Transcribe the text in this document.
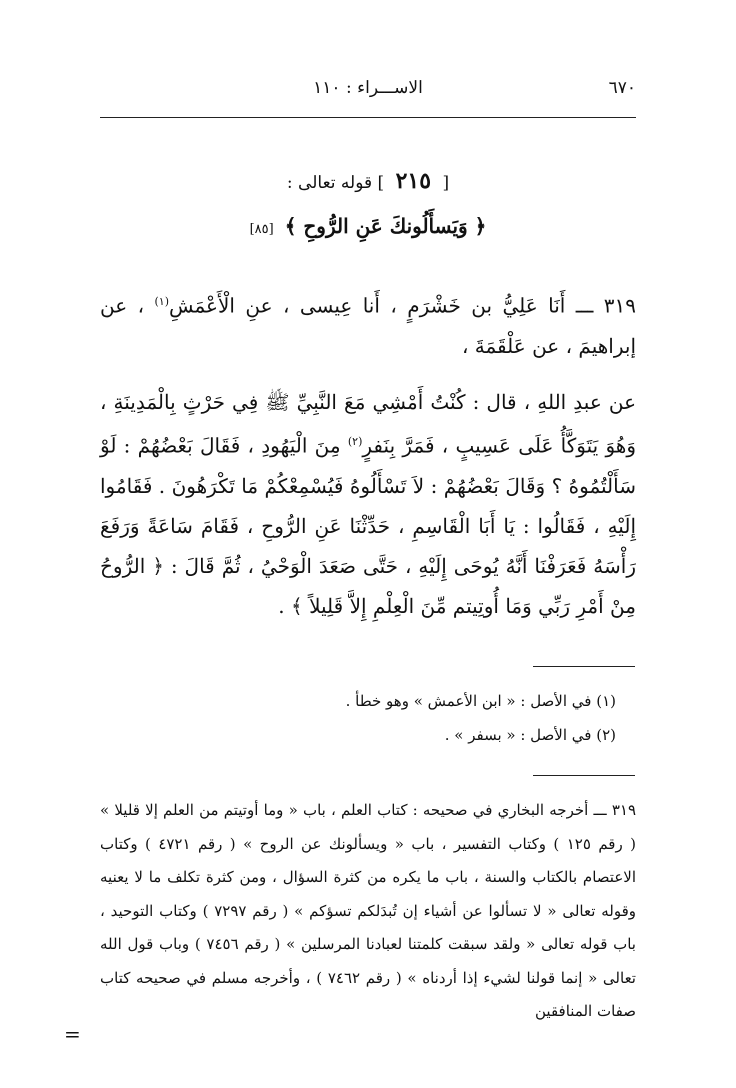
٦٧٠
الاســـراء : ١١٠
[ ٢١٥ ] قوله تعالى :
﴿ وَيَسأَلُونكَ عَنِ الرُّوحِ ﴾ [٨٥]
٣١٩ ـــ أَنَا عَلِيُّ بن خَشْرَمٍ ، أَنا عِيسى ، عنِ الْأَعْمَشِ$^{(١)}$ ، عن إبراهيمَ ، عن عَلْقَمَةَ ،
عن عبدِ اللهِ ، قال : كُنْتُ أَمْشِي مَعَ النَّبِيِّ ﷺ فِي حَرْثٍ بِالْمَدِينَةِ ، وَهُوَ يَتَوَكَّأُ عَلَى عَسِيبٍ ، فَمَرَّ بِنَفرٍ$^{(٢)}$ مِنَ الْيَهُودِ ، فَقَالَ بَعْضُهُمْ : لَوْ سَأَلْتُمُوهُ ؟ وَقَالَ بَعْضُهُمْ : لاَ تَسْأَلُوهُ فَيُسْمِعْكُمْ مَا تَكْرَهُونَ . فَقَامُوا إِلَيْهِ ، فَقَالُوا : يَا أَبَا الْقَاسِمِ ، حَدِّثْنَا عَنِ الرُّوحِ ، فَقَامَ سَاعَةً وَرَفَعَ رَأْسَهُ فَعَرَفْنَا أَنَّهُ يُوحَى إِلَيْهِ ، حَتَّى صَعَدَ الْوَحْيُ ، ثُمَّ قَالَ : ﴿ الرُّوحُ مِنْ أَمْرِ رَبِّي وَمَا أُوتِيتم مِّنَ الْعِلْمِ إِلاَّ قَلِيلاً ﴾ .
(١) في الأصل : « ابن الأعمش » وهو خطأ .
(٢) في الأصل : « بسفر » .
٣١٩ ـــ أخرجه البخاري في صحيحه : كتاب العلم ، باب « وما أوتيتم من العلم إلا قليلا » ( رقم ١٢٥ ) وكتاب التفسير ، باب « ويسألونك عن الروح » ( رقم ٤٧٢١ ) وكتاب الاعتصام بالكتاب والسنة ، باب ما يكره من كثرة السؤال ، ومن كثرة تكلف ما لا يعنيه وقوله تعالى « لا تسألوا عن أشياء إن تُبدَلكم تسؤكم » ( رقم ٧٢٩٧ ) وكتاب التوحيد ، باب قوله تعالى « ولقد سبقت كلمتنا لعبادنا المرسلين » ( رقم ٧٤٥٦ ) وباب قول الله تعالى « إنما قولنا لشيء إذا أردناه » ( رقم ٧٤٦٢ ) ، وأخرجه مسلم في صحيحه كتاب صفات المنافقين
=
